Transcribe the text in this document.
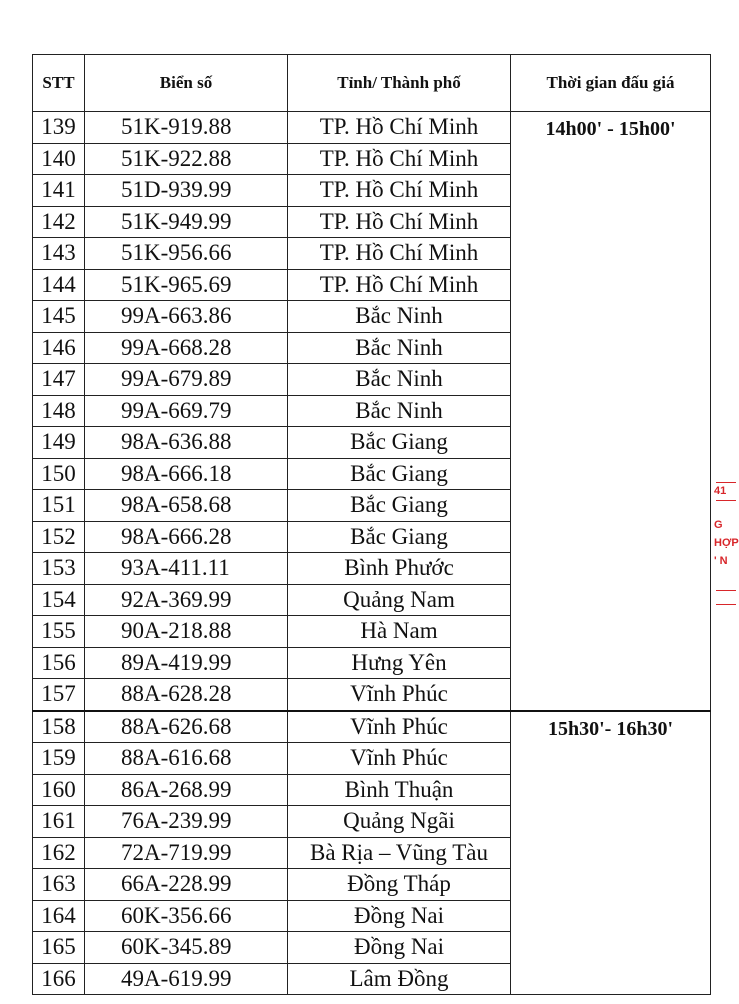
STT	Biển số	Tỉnh/ Thành phố	Thời gian đấu giá
139	51K-919.88	TP. Hồ Chí Minh	14h00' - 15h00'
140	51K-922.88	TP. Hồ Chí Minh	
141	51D-939.99	TP. Hồ Chí Minh	
142	51K-949.99	TP. Hồ Chí Minh	
143	51K-956.66	TP. Hồ Chí Minh	
144	51K-965.69	TP. Hồ Chí Minh	
145	99A-663.86	Bắc Ninh	
146	99A-668.28	Bắc Ninh	
147	99A-679.89	Bắc Ninh	
148	99A-669.79	Bắc Ninh	
149	98A-636.88	Bắc Giang	
150	98A-666.18	Bắc Giang	
151	98A-658.68	Bắc Giang	
152	98A-666.28	Bắc Giang	
153	93A-411.11	Bình Phước	
154	92A-369.99	Quảng Nam	
155	90A-218.88	Hà Nam	
156	89A-419.99	Hưng Yên	
157	88A-628.28	Vĩnh Phúc	
158	88A-626.68	Vĩnh Phúc	15h30'- 16h30'
159	88A-616.68	Vĩnh Phúc	
160	86A-268.99	Bình Thuận	
161	76A-239.99	Quảng Ngãi	
162	72A-719.99	Bà Rịa – Vũng Tàu	
163	66A-228.99	Đồng Tháp	
164	60K-356.66	Đồng Nai	
165	60K-345.89	Đồng Nai	
166	49A-619.99	Lâm Đồng	
41
G
HỢP
' N
